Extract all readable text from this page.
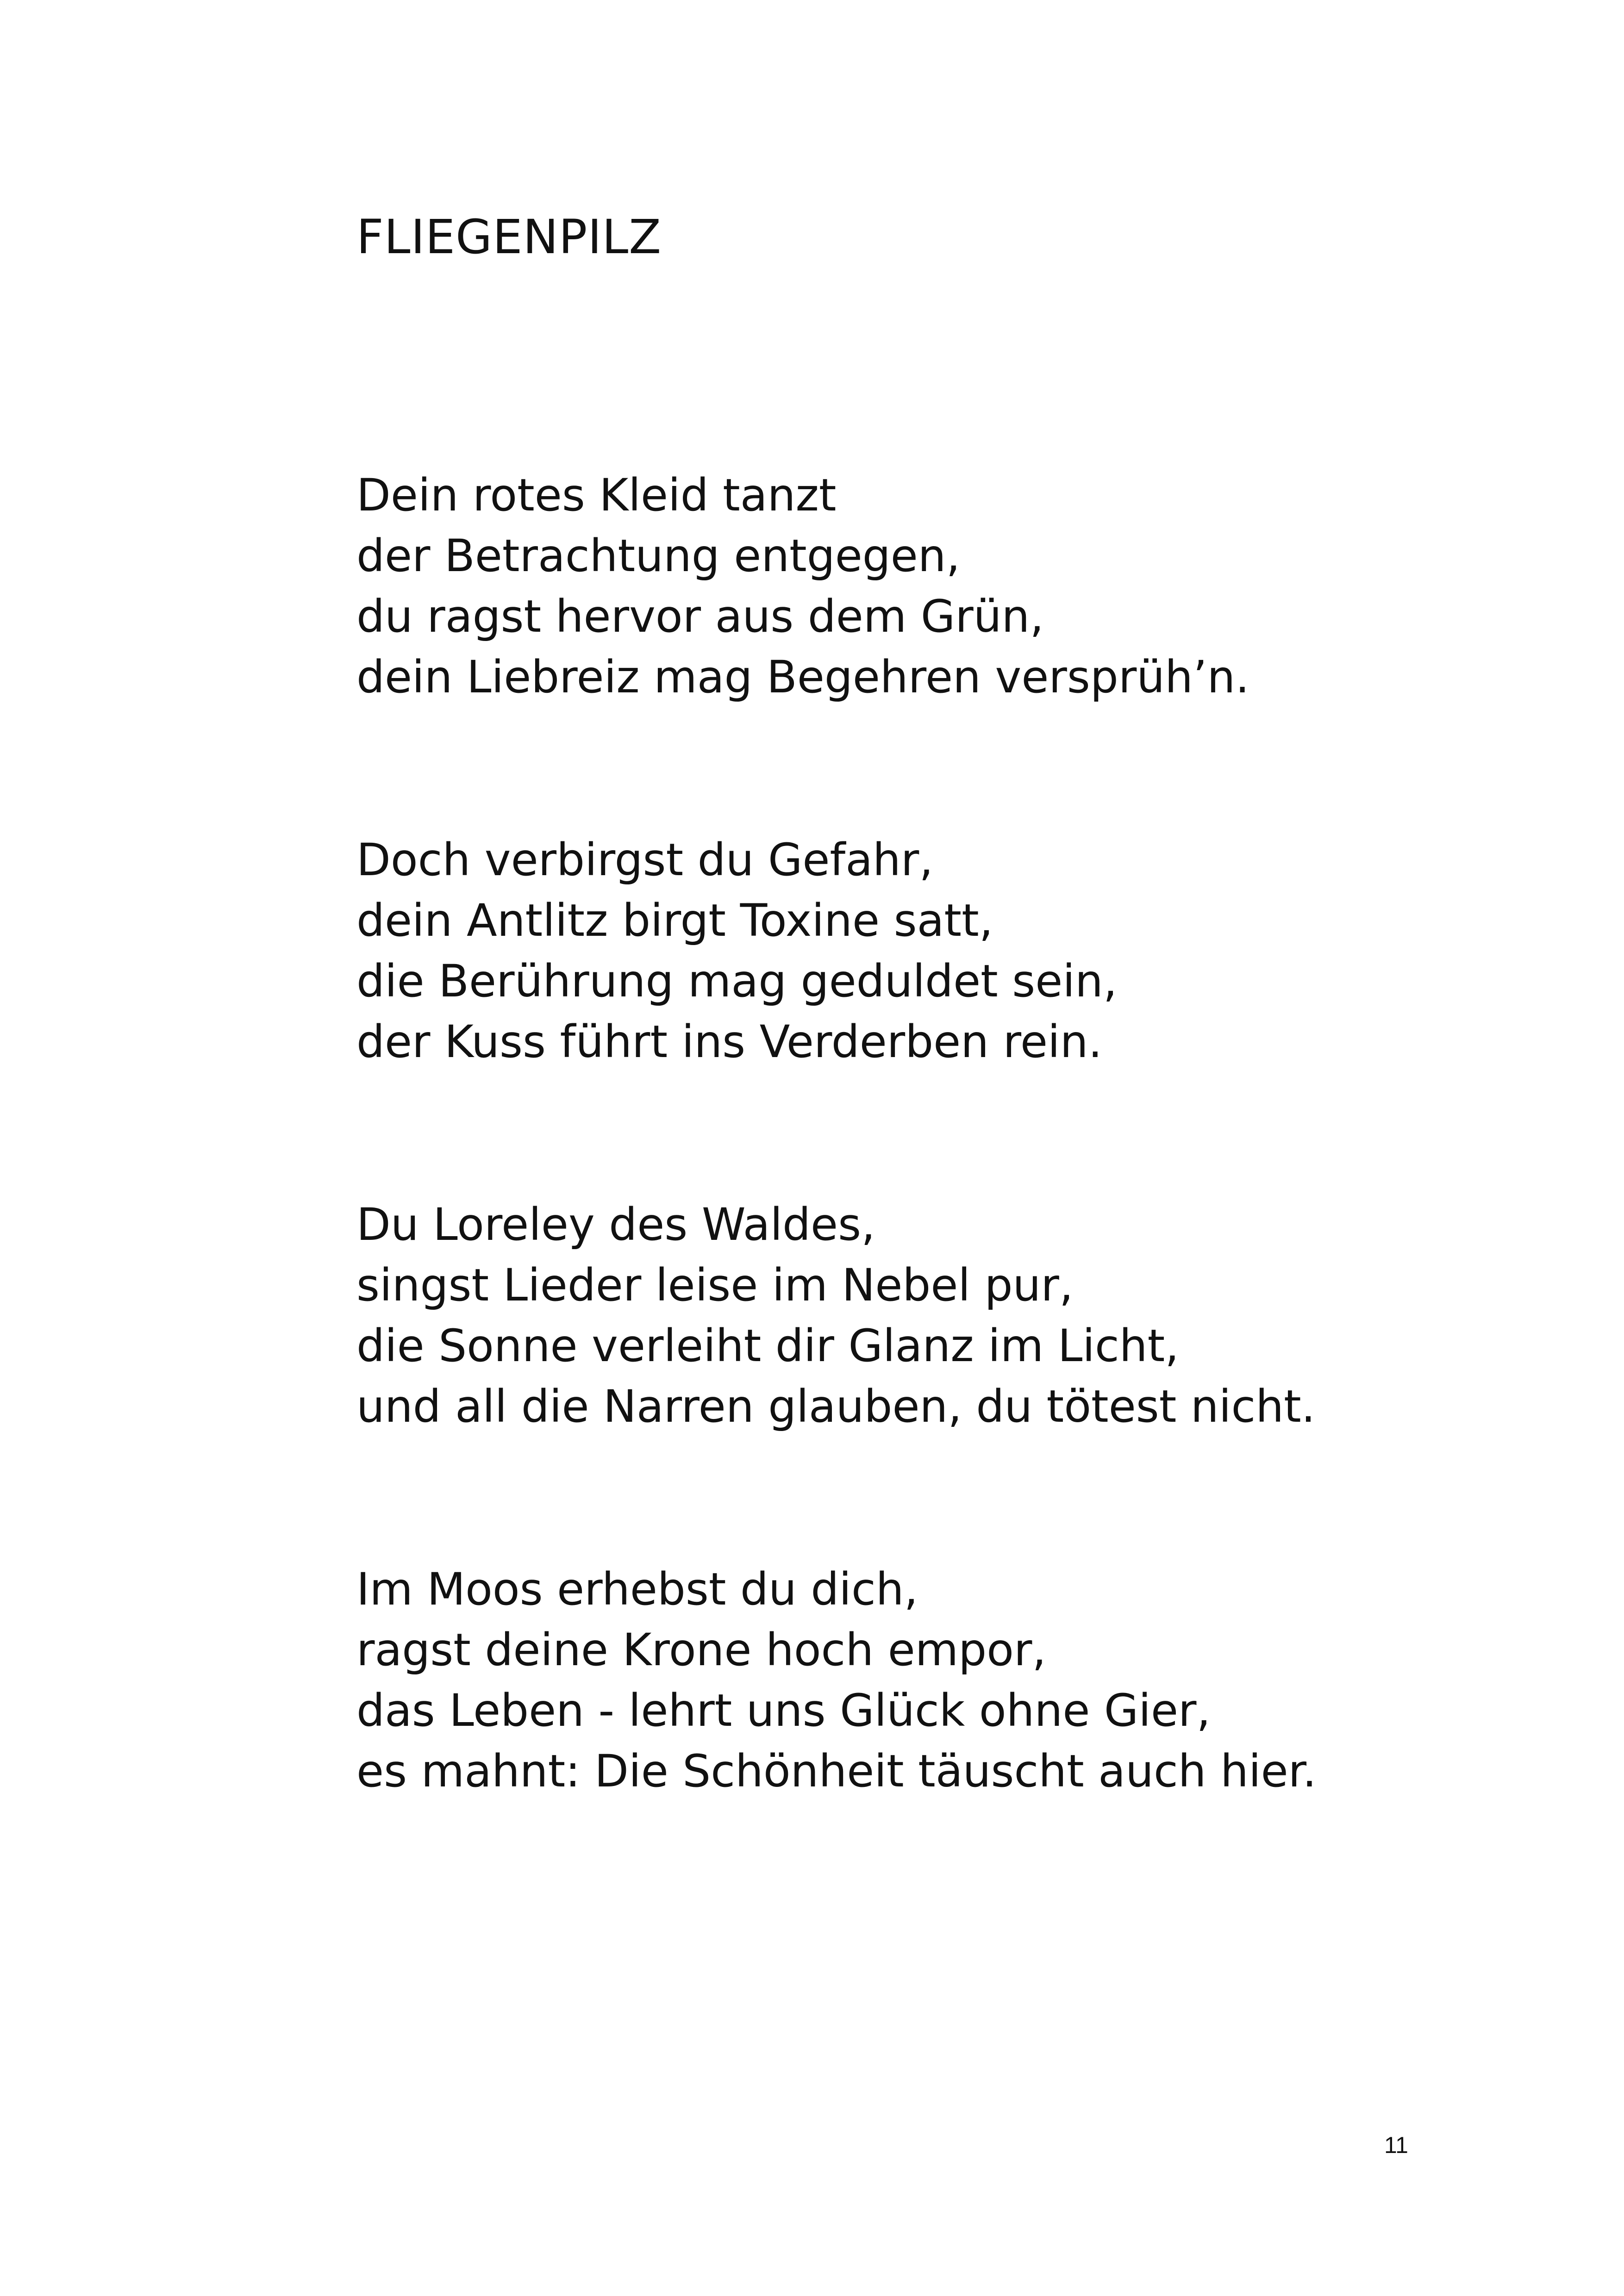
FLIEGENPILZ
Dein rotes Kleid tanzt
der Betrachtung entgegen,
du ragst hervor aus dem Grün,
dein Liebreiz mag Begehren versprüh’n.
Doch verbirgst du Gefahr,
dein Antlitz birgt Toxine satt,
die Berührung mag geduldet sein,
der Kuss führt ins Verderben rein.
Du Loreley des Waldes,
singst Lieder leise im Nebel pur,
die Sonne verleiht dir Glanz im Licht,
und all die Narren glauben, du tötest nicht.
Im Moos erhebst du dich,
ragst deine Krone hoch empor,
das Leben - lehrt uns Glück ohne Gier,
es mahnt: Die Schönheit täuscht auch hier.
11
